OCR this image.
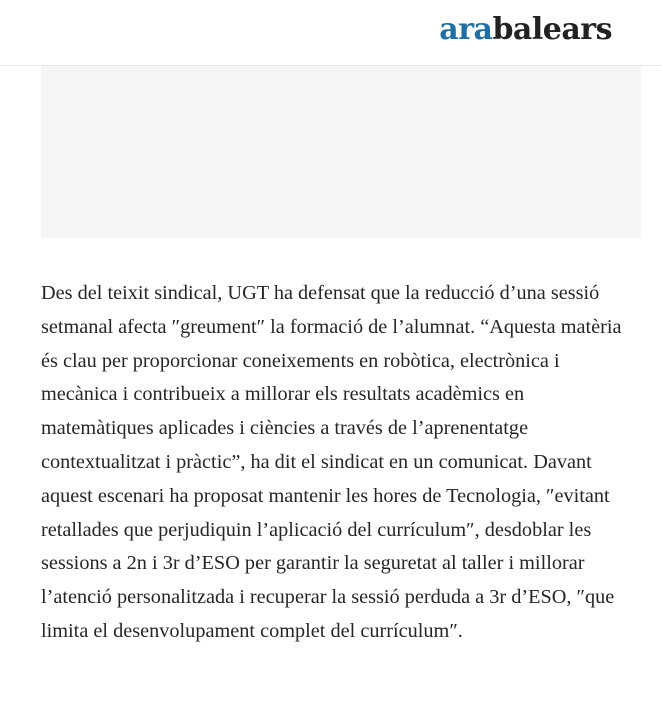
arabalears

Des del teixit sindical, UGT ha defensat que la reducció d’una sessió setmanal afecta ″greument″ la formació de l’alumnat. “Aquesta matèria és clau per proporcionar coneixements en robòtica, electrònica i mecànica i contribueix a millorar els resultats acadèmics en matemàtiques aplicades i ciències a través de l’aprenentatge contextualitzat i pràctic”, ha dit el sindicat en un comunicat. Davant aquest escenari ha proposat mantenir les hores de Tecnologia, ″evitant retallades que perjudiquin l’aplicació del currículum″, desdoblar les sessions a 2n i 3r d’ESO per garantir la seguretat al taller i millorar l’atenció personalitzada i recuperar la sessió perduda a 3r d’ESO, ″que limita el desenvolupament complet del currículum″.
